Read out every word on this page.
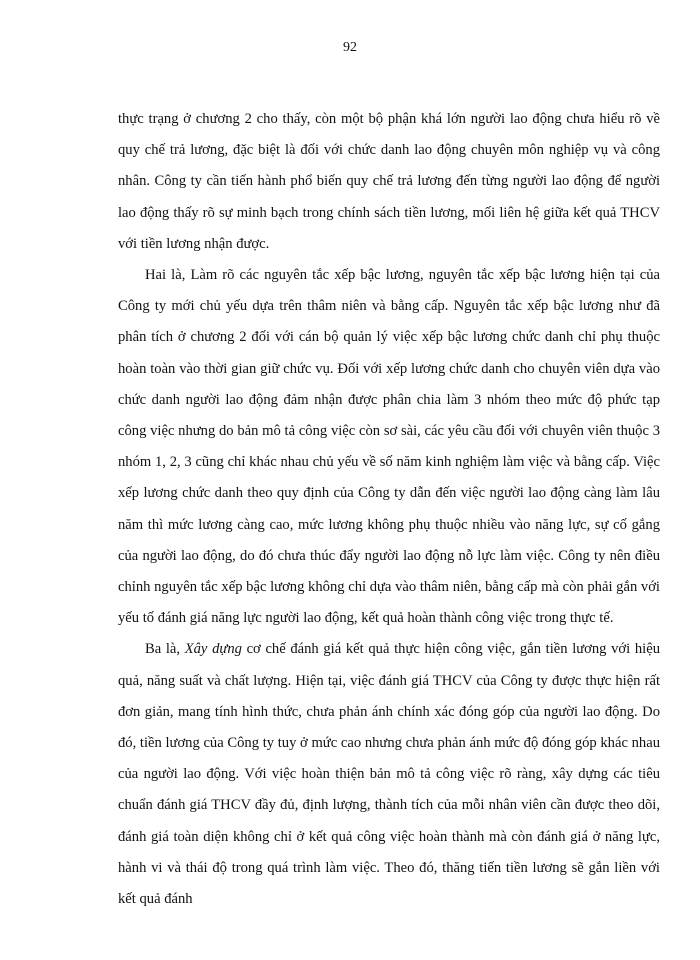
92

thực trạng ở chương 2 cho thấy, còn một bộ phận khá lớn người lao động chưa hiểu rõ về quy chế trả lương, đặc biệt là đối với chức danh lao động chuyên môn nghiệp vụ và công nhân. Công ty cần tiến hành phổ biến quy chế trả lương đến từng người lao động để người lao động thấy rõ sự minh bạch trong chính sách tiền lương, mối liên hệ giữa kết quả THCV với tiền lương nhận được.

Hai là, Làm rõ các nguyên tắc xếp bậc lương, nguyên tắc xếp bậc lương hiện tại của Công ty mới chủ yếu dựa trên thâm niên và bằng cấp. Nguyên tắc xếp bậc lương như đã phân tích ở chương 2 đối với cán bộ quản lý việc xếp bậc lương chức danh chỉ phụ thuộc hoàn toàn vào thời gian giữ chức vụ. Đối với xếp lương chức danh cho chuyên viên dựa vào chức danh người lao động đảm nhận được phân chia làm 3 nhóm theo mức độ phức tạp công việc nhưng do bản mô tả công việc còn sơ sài, các yêu cầu đối với chuyên viên thuộc 3 nhóm 1, 2, 3 cũng chỉ khác nhau chủ yếu về số năm kinh nghiệm làm việc và bằng cấp. Việc xếp lương chức danh theo quy định của Công ty dẫn đến việc người lao động càng làm lâu năm thì mức lương càng cao, mức lương không phụ thuộc nhiều vào năng lực, sự cố gắng của người lao động, do đó chưa thúc đẩy người lao động nỗ lực làm việc. Công ty nên điều chỉnh nguyên tắc xếp bậc lương không chỉ dựa vào thâm niên, bằng cấp mà còn phải gắn với yếu tố đánh giá năng lực người lao động, kết quả hoàn thành công việc trong thực tế.

Ba là, Xây dựng cơ chế đánh giá kết quả thực hiện công việc, gắn tiền lương với hiệu quả, năng suất và chất lượng. Hiện tại, việc đánh giá THCV của Công ty được thực hiện rất đơn giản, mang tính hình thức, chưa phản ánh chính xác đóng góp của người lao động. Do đó, tiền lương của Công ty tuy ở mức cao nhưng chưa phản ánh mức độ đóng góp khác nhau của người lao động. Với việc hoàn thiện bản mô tả công việc rõ ràng, xây dựng các tiêu chuẩn đánh giá THCV đầy đủ, định lượng, thành tích của mỗi nhân viên cần được theo dõi, đánh giá toàn diện không chỉ ở kết quả công việc hoàn thành mà còn đánh giá ở năng lực, hành vi và thái độ trong quá trình làm việc. Theo đó, thăng tiến tiền lương sẽ gắn liền với kết quả đánh
